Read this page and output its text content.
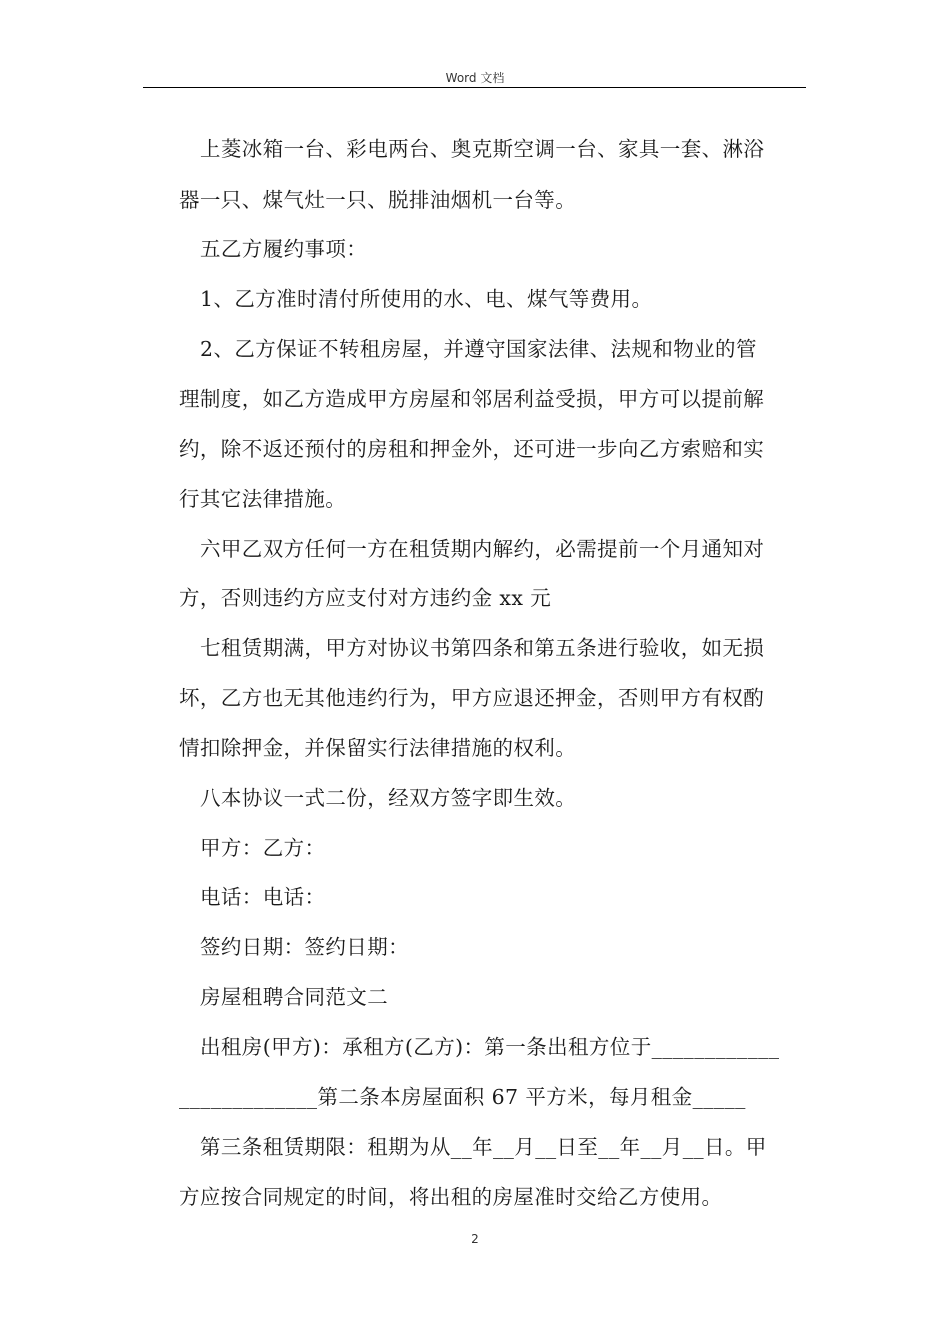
Word 文档
上菱冰箱一台、彩电两台、奥克斯空调一台、家具一套、淋浴
器一只、煤气灶一只、脱排油烟机一台等。
五乙方履约事项：
1、乙方准时清付所使用的水、电、煤气等费用。
2、乙方保证不转租房屋，并遵守国家法律、法规和物业的管
理制度，如乙方造成甲方房屋和邻居利益受损，甲方可以提前解
约，除不返还预付的房租和押金外，还可进一步向乙方索赔和实
行其它法律措施。
六甲乙双方任何一方在租赁期内解约，必需提前一个月通知对
方，否则违约方应支付对方违约金 xx 元
七租赁期满，甲方对协议书第四条和第五条进行验收，如无损
坏，乙方也无其他违约行为，甲方应退还押金，否则甲方有权酌
情扣除押金，并保留实行法律措施的权利。
八本协议一式二份，经双方签字即生效。
甲方：乙方：
电话：电话：
签约日期：签约日期：
房屋租聘合同范文二
出租房(甲方)：承租方(乙方)：第一条出租方位于____________
_____________第二条本房屋面积 67 平方米，每月租金_____
第三条租赁期限：租期为从__年__月__日至__年__月__日。甲
方应按合同规定的时间，将出租的房屋准时交给乙方使用。
2
